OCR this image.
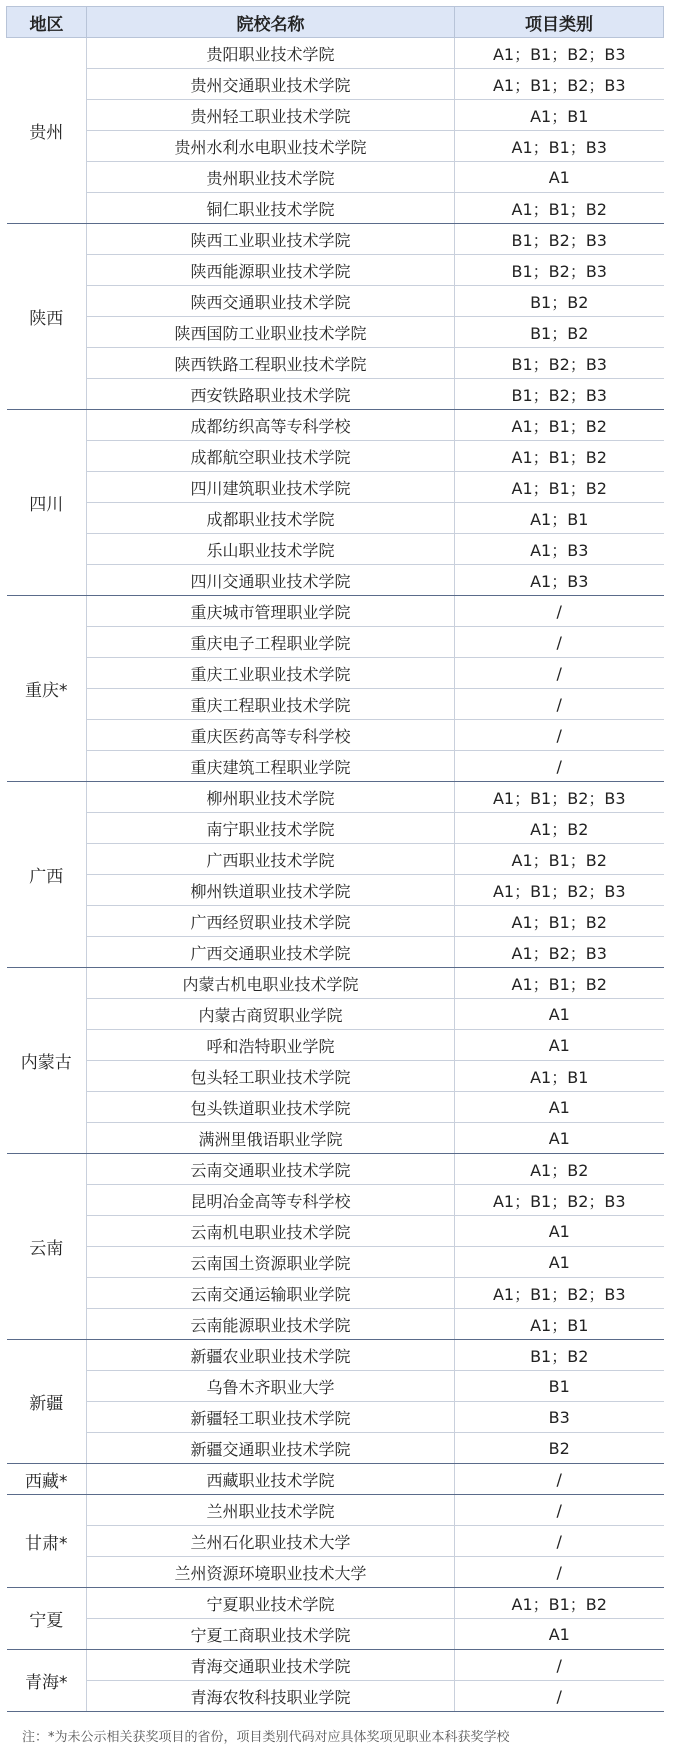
地区	院校名称	项目类别
贵州	贵阳职业技术学院	A1；B1；B2；B3
	贵州交通职业技术学院	A1；B1；B2；B3
	贵州轻工职业技术学院	A1；B1
	贵州水利水电职业技术学院	A1；B1；B3
	贵州职业技术学院	A1
	铜仁职业技术学院	A1；B1；B2
陕西	陕西工业职业技术学院	B1；B2；B3
	陕西能源职业技术学院	B1；B2；B3
	陕西交通职业技术学院	B1；B2
	陕西国防工业职业技术学院	B1；B2
	陕西铁路工程职业技术学院	B1；B2；B3
	西安铁路职业技术学院	B1；B2；B3
四川	成都纺织高等专科学校	A1；B1；B2
	成都航空职业技术学院	A1；B1；B2
	四川建筑职业技术学院	A1；B1；B2
	成都职业技术学院	A1；B1
	乐山职业技术学院	A1；B3
	四川交通职业技术学院	A1；B3
重庆*	重庆城市管理职业学院	/
	重庆电子工程职业学院	/
	重庆工业职业技术学院	/
	重庆工程职业技术学院	/
	重庆医药高等专科学校	/
	重庆建筑工程职业学院	/
广西	柳州职业技术学院	A1；B1；B2；B3
	南宁职业技术学院	A1；B2
	广西职业技术学院	A1；B1；B2
	柳州铁道职业技术学院	A1；B1；B2；B3
	广西经贸职业技术学院	A1；B1；B2
	广西交通职业技术学院	A1；B2；B3
内蒙古	内蒙古机电职业技术学院	A1；B1；B2
	内蒙古商贸职业学院	A1
	呼和浩特职业学院	A1
	包头轻工职业技术学院	A1；B1
	包头铁道职业技术学院	A1
	满洲里俄语职业学院	A1
云南	云南交通职业技术学院	A1；B2
	昆明冶金高等专科学校	A1；B1；B2；B3
	云南机电职业技术学院	A1
	云南国土资源职业学院	A1
	云南交通运输职业学院	A1；B1；B2；B3
	云南能源职业技术学院	A1；B1
新疆	新疆农业职业技术学院	B1；B2
	乌鲁木齐职业大学	B1
	新疆轻工职业技术学院	B3
	新疆交通职业技术学院	B2
西藏*	西藏职业技术学院	/
甘肃*	兰州职业技术学院	/
	兰州石化职业技术大学	/
	兰州资源环境职业技术大学	/
宁夏	宁夏职业技术学院	A1；B1；B2
	宁夏工商职业技术学院	A1
青海*	青海交通职业技术学院	/
	青海农牧科技职业学院	/
注：*为未公示相关获奖项目的省份，项目类别代码对应具体奖项见职业本科获奖学校
